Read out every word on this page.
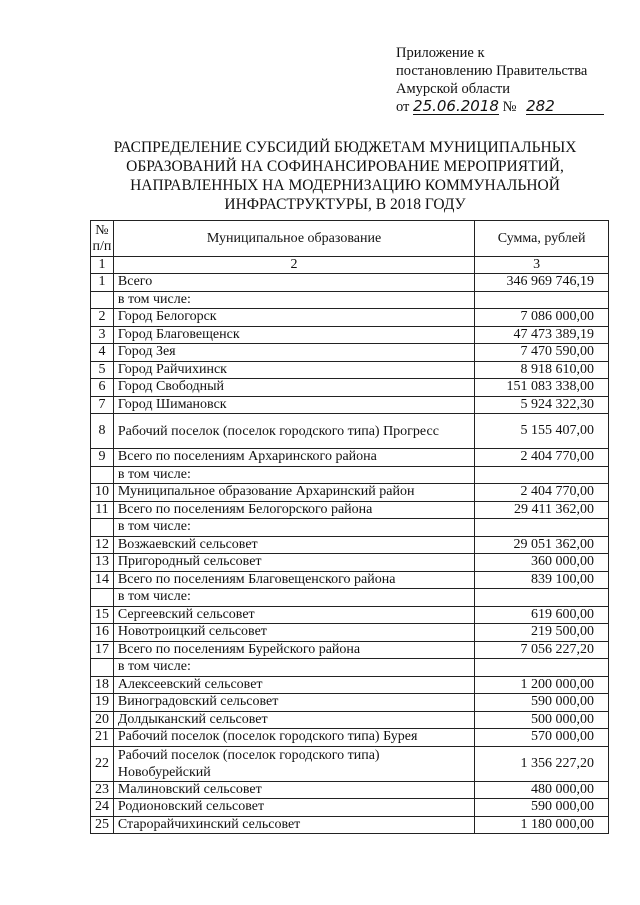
Приложение к
постановлению Правительства
Амурской области
от 25.06.2018 № 282
РАСПРЕДЕЛЕНИЕ СУБСИДИЙ БЮДЖЕТАМ МУНИЦИПАЛЬНЫХ ОБРАЗОВАНИЙ НА СОФИНАНСИРОВАНИЕ МЕРОПРИЯТИЙ, НАПРАВЛЕННЫХ НА МОДЕРНИЗАЦИЮ КОММУНАЛЬНОЙ ИНФРАСТРУКТУРЫ, В 2018 ГОДУ
№ п/п	Муниципальное образование	Сумма, рублей
1	2	3
1	Всего	346 969 746,19
	в том числе:	
2	Город Белогорск	7 086 000,00
3	Город Благовещенск	47 473 389,19
4	Город Зея	7 470 590,00
5	Город Райчихинск	8 918 610,00
6	Город Свободный	151 083 338,00
7	Город Шимановск	5 924 322,30
8	Рабочий поселок (поселок городского типа) Прогресс	5 155 407,00
9	Всего по поселениям Архаринского района	2 404 770,00
	в том числе:	
10	Муниципальное образование Архаринский район	2 404 770,00
11	Всего по поселениям Белогорского района	29 411 362,00
	в том числе:	
12	Возжаевский сельсовет	29 051 362,00
13	Пригородный сельсовет	360 000,00
14	Всего по поселениям Благовещенского района	839 100,00
	в том числе:	
15	Сергеевский сельсовет	619 600,00
16	Новотроицкий сельсовет	219 500,00
17	Всего по поселениям Бурейского района	7 056 227,20
	в том числе:	
18	Алексеевский сельсовет	1 200 000,00
19	Виноградовский сельсовет	590 000,00
20	Долдыканский сельсовет	500 000,00
21	Рабочий поселок (поселок городского типа) Бурея	570 000,00
22	Рабочий поселок (поселок городского типа) Новобурейский	1 356 227,20
23	Малиновский сельсовет	480 000,00
24	Родионовский сельсовет	590 000,00
25	Старорайчихинский сельсовет	1 180 000,00
